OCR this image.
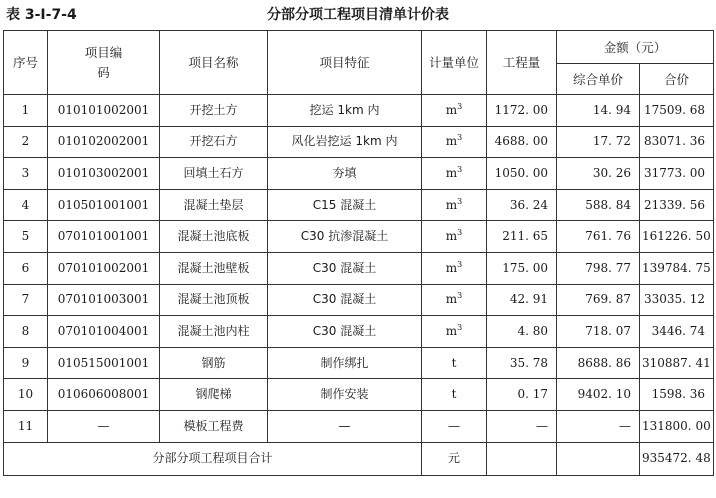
表 3-Ⅰ-7-4	分部分项工程项目清单计价表
序号	项目编码	项目名称	项目特征	计量单位	工程量	金额（元）	
						综合单价	合价
1	010101002001	开挖土方	挖运 1km 内	$m^3$	1172. 00	14. 94	17509. 68
2	010102002001	开挖石方	风化岩挖运 1km 内	$m^3$	4688. 00	17. 72	83071. 36
3	010103002001	回填土石方	夯填	$m^3$	1050. 00	30. 26	31773. 00
4	010501001001	混凝土垫层	C15 混凝土	$m^3$	36. 24	588. 84	21339. 56
5	070101001001	混凝土池底板	C30 抗渗混凝土	$m^3$	211. 65	761. 76	161226. 50
6	070101002001	混凝土池壁板	C30 混凝土	$m^3$	175. 00	798. 77	139784. 75
7	070101003001	混凝土池顶板	C30 混凝土	$m^3$	42. 91	769. 87	33035. 12
8	070101004001	混凝土池内柱	C30 混凝土	$m^3$	4. 80	718. 07	3446. 74
9	010515001001	钢筋	制作绑扎	t	35. 78	8688. 86	310887. 41
10	010606008001	钢爬梯	制作安装	t	0. 17	9402. 10	1598. 36
11	—	模板工程费	—	—	—	—	131800. 00
分部分项工程项目合计				元			935472. 48
